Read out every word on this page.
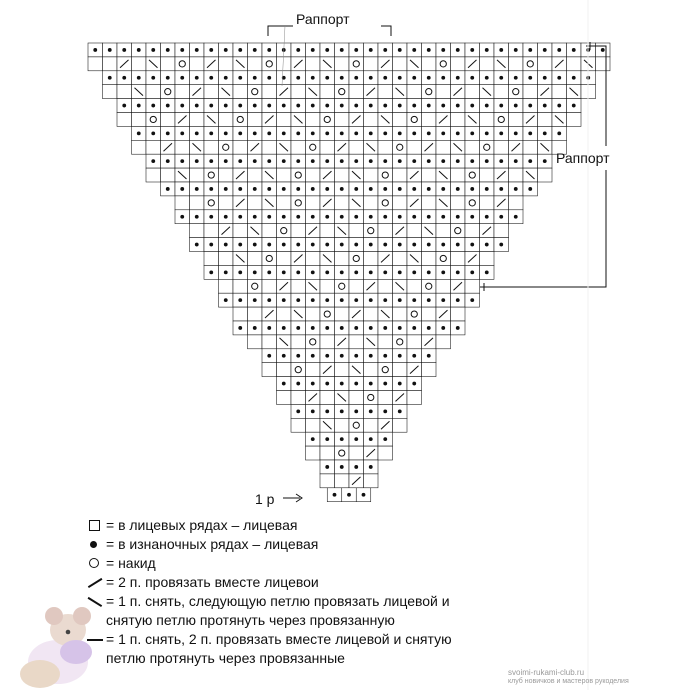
Раппорт
Раппорт
1 р
= в лицевых рядах – лицевая
= в изнаночных рядах – лицевая
= накид
= 2 п. провязать вместе лицевои
= 1 п. снять, следующую петлю провязать лицевой и
снятую петлю протянуть через провязанную
= 1 п. снять, 2 п. провязать вместе лицевой и снятую
петлю протянуть через провязанные
svoimi-rukami-club.ru
клуб новичков и мастеров рукоделия
